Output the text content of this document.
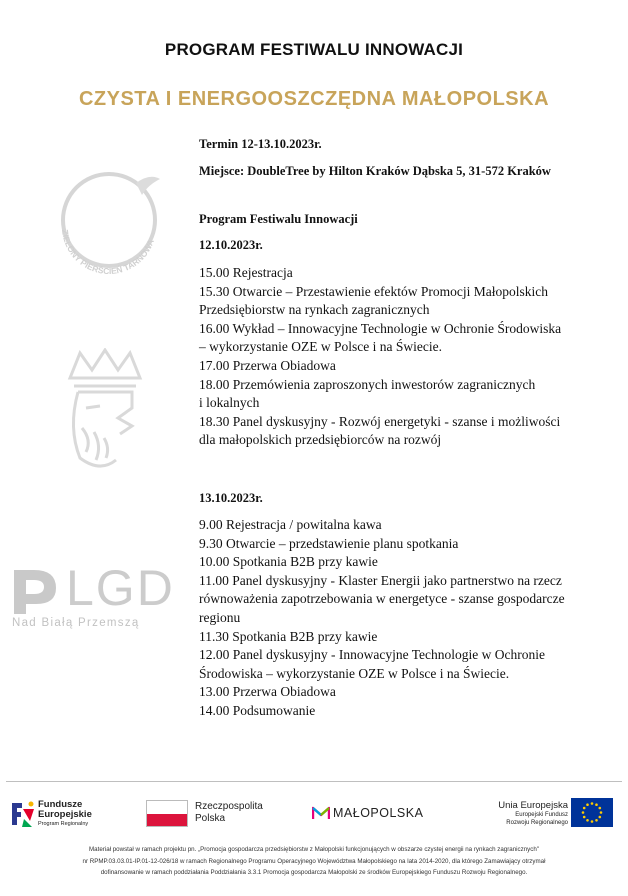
PROGRAM FESTIWALU INNOWACJI
CZYSTA I ENERGOOSZCZĘDNA MAŁOPOLSKA
ZIELONY PIERŚCIEŃ TARNOWA
LGD
Nad Białą Przemszą
Termin 12-13.10.2023r.
Miejsce: DoubleTree by Hilton Kraków Dąbska 5, 31-572 Kraków
Program Festiwalu Innowacji
12.10.2023r.
15.00 Rejestracja
15.30 Otwarcie – Przestawienie efektów Promocji Małopolskich
Przedsiębiorstw na rynkach zagranicznych
16.00 Wykład – Innowacyjne Technologie w Ochronie Środowiska
– wykorzystanie OZE w Polsce i na Świecie.
17.00 Przerwa Obiadowa
18.00 Przemówienia zaproszonych inwestorów zagranicznych
i lokalnych
18.30 Panel dyskusyjny - Rozwój energetyki - szanse i możliwości
dla małopolskich przedsiębiorców na rozwój
13.10.2023r.
9.00 Rejestracja / powitalna kawa
9.30 Otwarcie – przedstawienie planu spotkania
10.00 Spotkania B2B przy kawie
11.00 Panel dyskusyjny - Klaster Energii jako partnerstwo na rzecz
równoważenia zapotrzebowania w energetyce - szanse gospodarcze
regionu
11.30 Spotkania B2B przy kawie
12.00 Panel dyskusyjny - Innowacyjne Technologie w Ochronie
Środowiska – wykorzystanie OZE w Polsce i na Świecie.
13.00 Przerwa Obiadowa
14.00 Podsumowanie
Fundusze
Europejskie
Program Regionalny
Rzeczpospolita
Polska	MAŁOPOLSKA
Unia Europejska
Europejski Fundusz
Rozwoju Regionalnego
Materiał powstał w ramach projektu pn. „Promocja gospodarcza przedsiębiorstw z Małopolski funkcjonujących w obszarze czystej energii na rynkach zagranicznych"
nr RPMP.03.03.01-IP.01-12-026/18 w ramach Regionalnego Programu Operacyjnego Województwa Małopolskiego na lata 2014-2020, dla którego Zamawiający otrzymał
dofinansowanie w ramach poddziałania Poddziałania 3.3.1 Promocja gospodarcza Małopolski ze środków Europejskiego Funduszu Rozwoju Regionalnego.
